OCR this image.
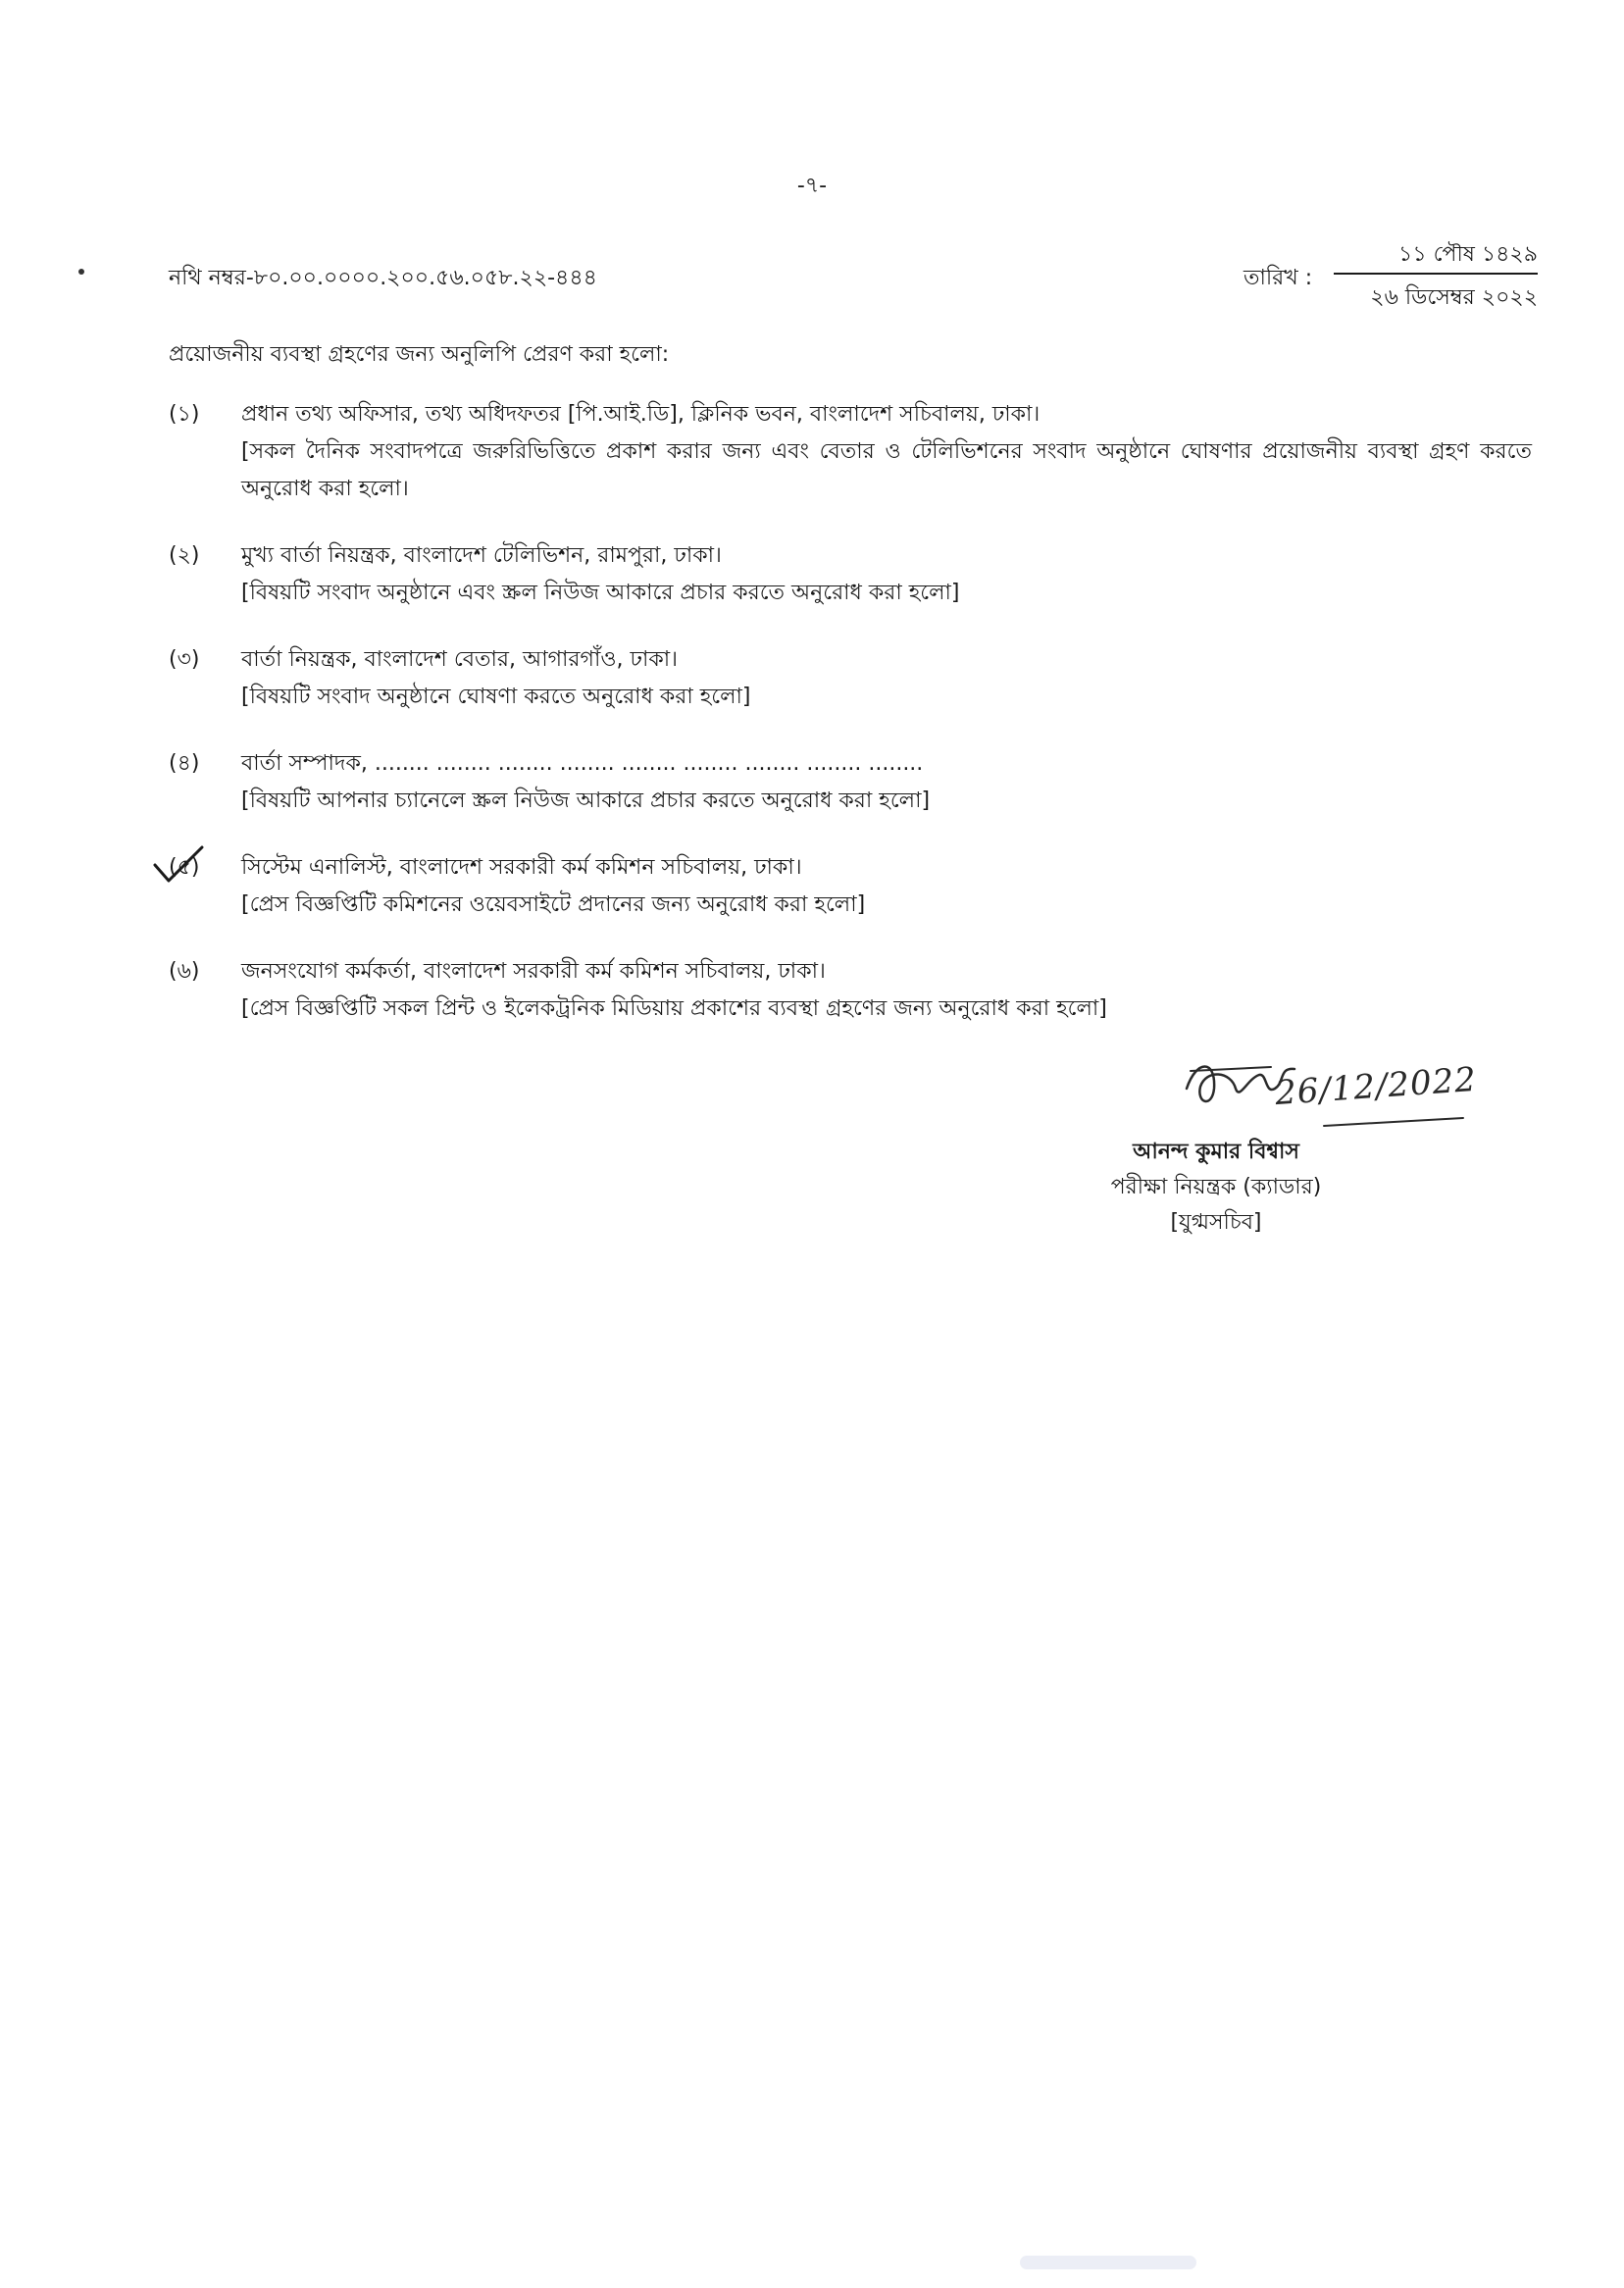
-৭-
নথি নম্বর-৮০.০০.০০০০.২০০.৫৬.০৫৮.২২-৪৪৪	তারিখ :
১১ পৌষ ১৪২৯
২৬ ডিসেম্বর ২০২২
প্রয়োজনীয় ব্যবস্থা গ্রহণের জন্য অনুলিপি প্রেরণ করা হলো:
(১)	প্রধান তথ্য অফিসার, তথ্য অধিদফতর [পি.আই.ডি], ক্লিনিক ভবন, বাংলাদেশ সচিবালয়, ঢাকা।
[সকল দৈনিক সংবাদপত্রে জরুরিভিত্তিতে প্রকাশ করার জন্য এবং বেতার ও টেলিভিশনের সংবাদ অনুষ্ঠানে ঘোষণার প্রয়োজনীয় ব্যবস্থা গ্রহণ করতে অনুরোধ করা হলো।
(২)	মুখ্য বার্তা নিয়ন্ত্রক, বাংলাদেশ টেলিভিশন, রামপুরা, ঢাকা।
[বিষয়টি সংবাদ অনুষ্ঠানে এবং স্ক্রল নিউজ আকারে প্রচার করতে অনুরোধ করা হলো]
(৩)	বার্তা নিয়ন্ত্রক, বাংলাদেশ বেতার, আগারগাঁও, ঢাকা।
[বিষয়টি সংবাদ অনুষ্ঠানে ঘোষণা করতে অনুরোধ করা হলো]
(৪)	বার্তা সম্পাদক, ........ ........ ........ ........ ........ ........ ........ ........ ........
[বিষয়টি আপনার চ্যানেলে স্ক্রল নিউজ আকারে প্রচার করতে অনুরোধ করা হলো]
(৫)	সিস্টেম এনালিস্ট, বাংলাদেশ সরকারী কর্ম কমিশন সচিবালয়, ঢাকা।
[প্রেস বিজ্ঞপ্তিটি কমিশনের ওয়েবসাইটে প্রদানের জন্য অনুরোধ করা হলো]
(৬)	জনসংযোগ কর্মকর্তা, বাংলাদেশ সরকারী কর্ম কমিশন সচিবালয়, ঢাকা।
[প্রেস বিজ্ঞপ্তিটি সকল প্রিন্ট ও ইলেকট্রনিক মিডিয়ায় প্রকাশের ব্যবস্থা গ্রহণের জন্য অনুরোধ করা হলো]
26/12/2022
আনন্দ কুমার বিশ্বাস
পরীক্ষা নিয়ন্ত্রক (ক্যাডার)
[যুগ্মসচিব]
